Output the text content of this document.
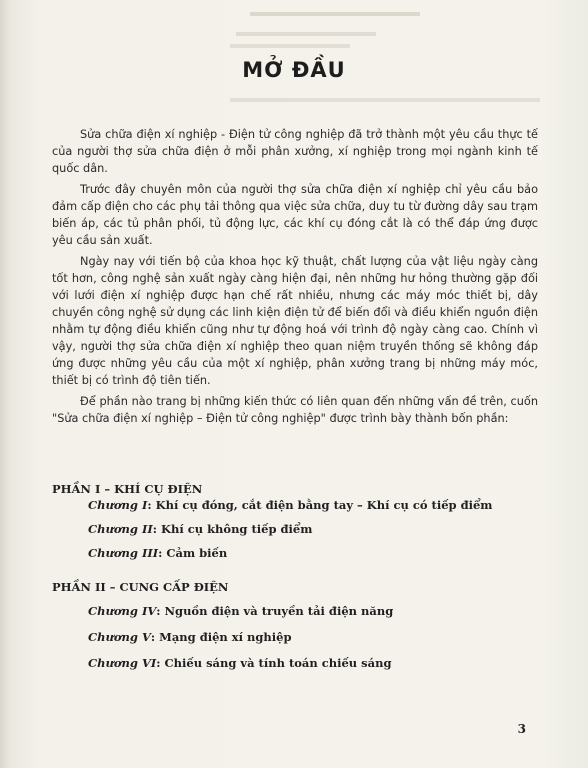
MỞ ĐẦU

Sửa chữa điện xí nghiệp - Điện tử công nghiệp đã trở thành một yêu cầu thực tế của người thợ sửa chữa điện ở mỗi phân xưởng, xí nghiệp trong mọi ngành kinh tế quốc dân.

Trước đây chuyên môn của người thợ sửa chữa điện xí nghiệp chỉ yêu cầu bảo đảm cấp điện cho các phụ tải thông qua việc sửa chữa, duy tu từ đường dây sau trạm biến áp, các tủ phân phối, tủ động lực, các khí cụ đóng cắt là có thể đáp ứng được yêu cầu sản xuất.

Ngày nay với tiến bộ của khoa học kỹ thuật, chất lượng của vật liệu ngày càng tốt hơn, công nghệ sản xuất ngày càng hiện đại, nên những hư hỏng thường gặp đối với lưới điện xí nghiệp được hạn chế rất nhiều, nhưng các máy móc thiết bị, dây chuyền công nghệ sử dụng các linh kiện điện tử để biến đổi và điều khiển nguồn điện nhằm tự động điều khiển cũng như tự động hoá với trình độ ngày càng cao. Chính vì vậy, người thợ sửa chữa điện xí nghiệp theo quan niệm truyền thống sẽ không đáp ứng được những yêu cầu của một xí nghiệp, phân xưởng trang bị những máy móc, thiết bị có trình độ tiên tiến.

Để phần nào trang bị những kiến thức có liên quan đến những vấn đề trên, cuốn "Sửa chữa điện xí nghiệp – Điện tử công nghiệp" được trình bày thành bốn phần:

PHẦN I – KHÍ CỤ ĐIỆN
Chương I: Khí cụ đóng, cắt điện bằng tay – Khí cụ có tiếp điểm
Chương II: Khí cụ không tiếp điểm
Chương III: Cảm biến
PHẦN II – CUNG CẤP ĐIỆN
Chương IV: Nguồn điện và truyền tải điện năng
Chương V: Mạng điện xí nghiệp
Chương VI: Chiếu sáng và tính toán chiếu sáng
3
